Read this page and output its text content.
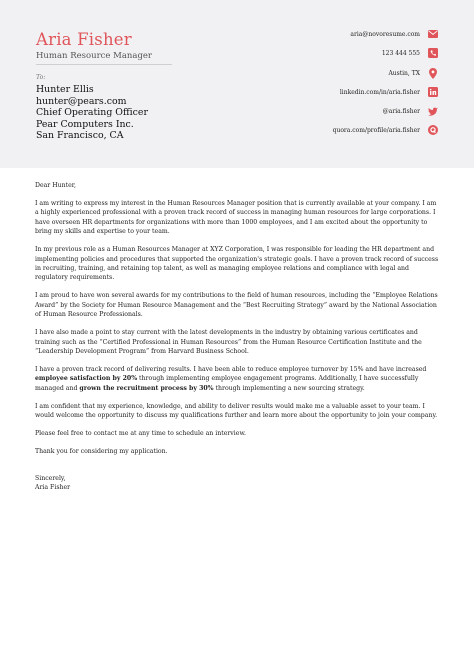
Aria Fisher
Human Resource Manager
To:
Hunter Ellis
hunter@pears.com
Chief Operating Officer
Pear Computers Inc.
San Francisco, CA
aria@novoresume.com
123 444 555
Austin, TX
linkedin.com/in/aria.fisher
@aria.fisher
quora.com/profile/aria.fisher

Dear Hunter,

I am writing to express my interest in the Human Resources Manager position that is currently available at your company. I am a highly experienced professional with a proven track record of success in managing human resources for large corporations. I have overseen HR departments for organizations with more than 1000 employees, and I am excited about the opportunity to bring my skills and expertise to your team.

In my previous role as a Human Resources Manager at XYZ Corporation, I was responsible for leading the HR department and implementing policies and procedures that supported the organization's strategic goals. I have a proven track record of success in recruiting, training, and retaining top talent, as well as managing employee relations and compliance with legal and regulatory requirements.

I am proud to have won several awards for my contributions to the field of human resources, including the “Employee Relations Award” by the Society for Human Resource Management and the “Best Recruiting Strategy” award by the National Association of Human Resource Professionals.

I have also made a point to stay current with the latest developments in the industry by obtaining various certificates and training such as the “Certified Professional in Human Resources” from the Human Resource Certification Institute and the “Leadership Development Program” from Harvard Business School.

I have a proven track record of delivering results. I have been able to reduce employee turnover by 15% and have increased employee satisfaction by 20% through implementing employee engagement programs. Additionally, I have successfully managed and grown the recruitment process by 30% through implementing a new sourcing strategy.

I am confident that my experience, knowledge, and ability to deliver results would make me a valuable asset to your team. I would welcome the opportunity to discuss my qualifications further and learn more about the opportunity to join your company.

Please feel free to contact me at any time to schedule an interview.

Thank you for considering my application.

Sincerely,
Aria Fisher
